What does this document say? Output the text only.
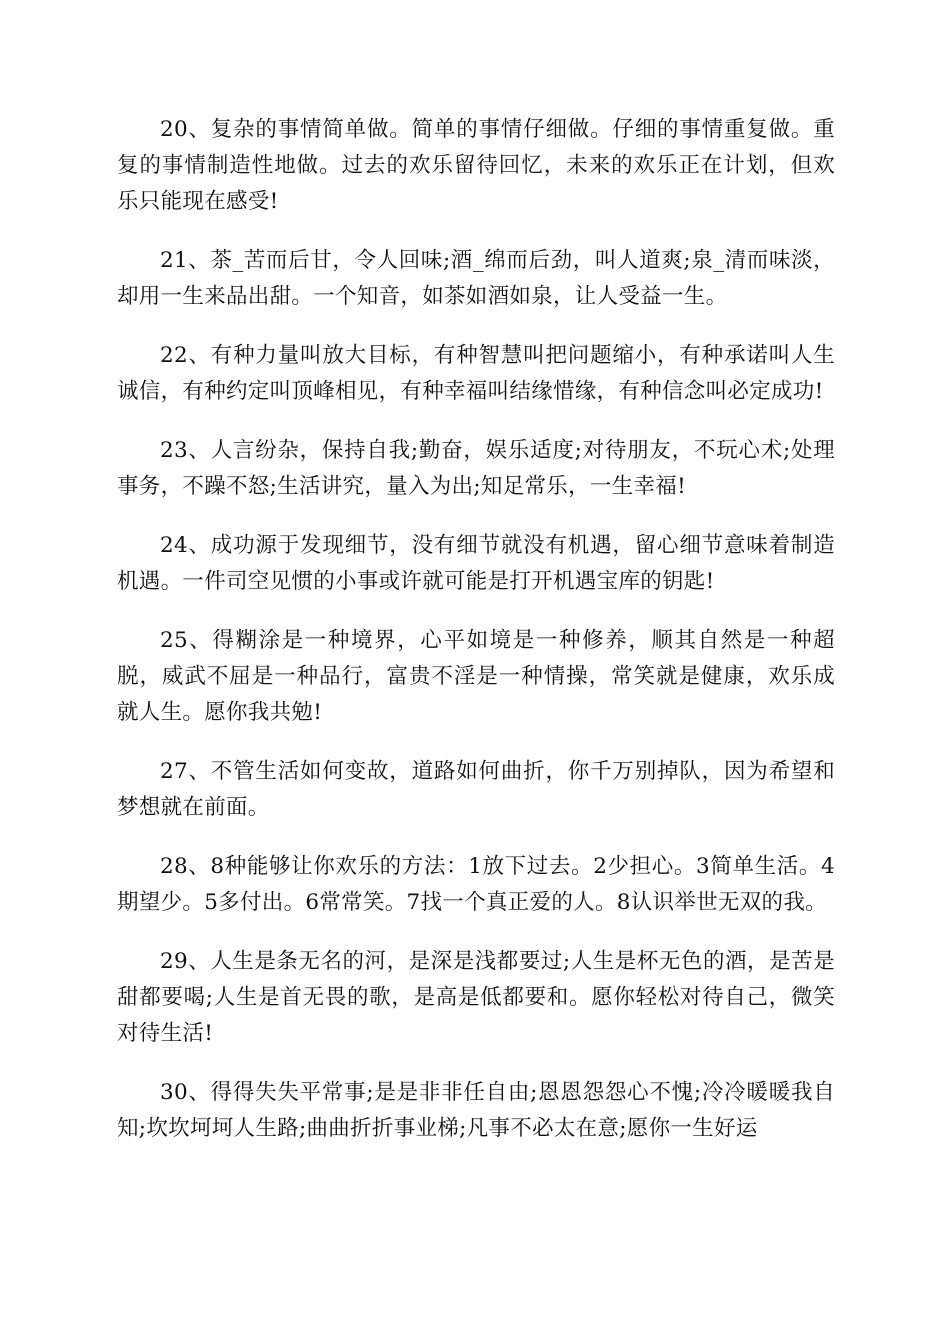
20、复杂的事情简单做。简单的事情仔细做。仔细的事情重复做。重复的事情制造性地做。过去的欢乐留待回忆，未来的欢乐正在计划，但欢乐只能现在感受!

21、茶_苦而后甘，令人回味;酒_绵而后劲，叫人道爽;泉_清而味淡，却用一生来品出甜。一个知音，如茶如酒如泉，让人受益一生。

22、有种力量叫放大目标，有种智慧叫把问题缩小，有种承诺叫人生诚信，有种约定叫顶峰相见，有种幸福叫结缘惜缘，有种信念叫必定成功!

23、人言纷杂，保持自我;勤奋，娱乐适度;对待朋友，不玩心术;处理事务，不躁不怒;生活讲究，量入为出;知足常乐，一生幸福!

24、成功源于发现细节，没有细节就没有机遇，留心细节意味着制造机遇。一件司空见惯的小事或许就可能是打开机遇宝库的钥匙!

25、得糊涂是一种境界，心平如境是一种修养，顺其自然是一种超脱，威武不屈是一种品行，富贵不淫是一种情操，常笑就是健康，欢乐成就人生。愿你我共勉!

27、不管生活如何变故，道路如何曲折，你千万别掉队，因为希望和梦想就在前面。

28、8种能够让你欢乐的方法：1放下过去。2少担心。3简单生活。4期望少。5多付出。6常常笑。7找一个真正爱的人。8认识举世无双的我。

29、人生是条无名的河，是深是浅都要过;人生是杯无色的酒，是苦是甜都要喝;人生是首无畏的歌，是高是低都要和。愿你轻松对待自己，微笑对待生活!

30、得得失失平常事;是是非非任自由;恩恩怨怨心不愧;冷冷暖暖我自知;坎坎坷坷人生路;曲曲折折事业梯;凡事不必太在意;愿你一生好运
